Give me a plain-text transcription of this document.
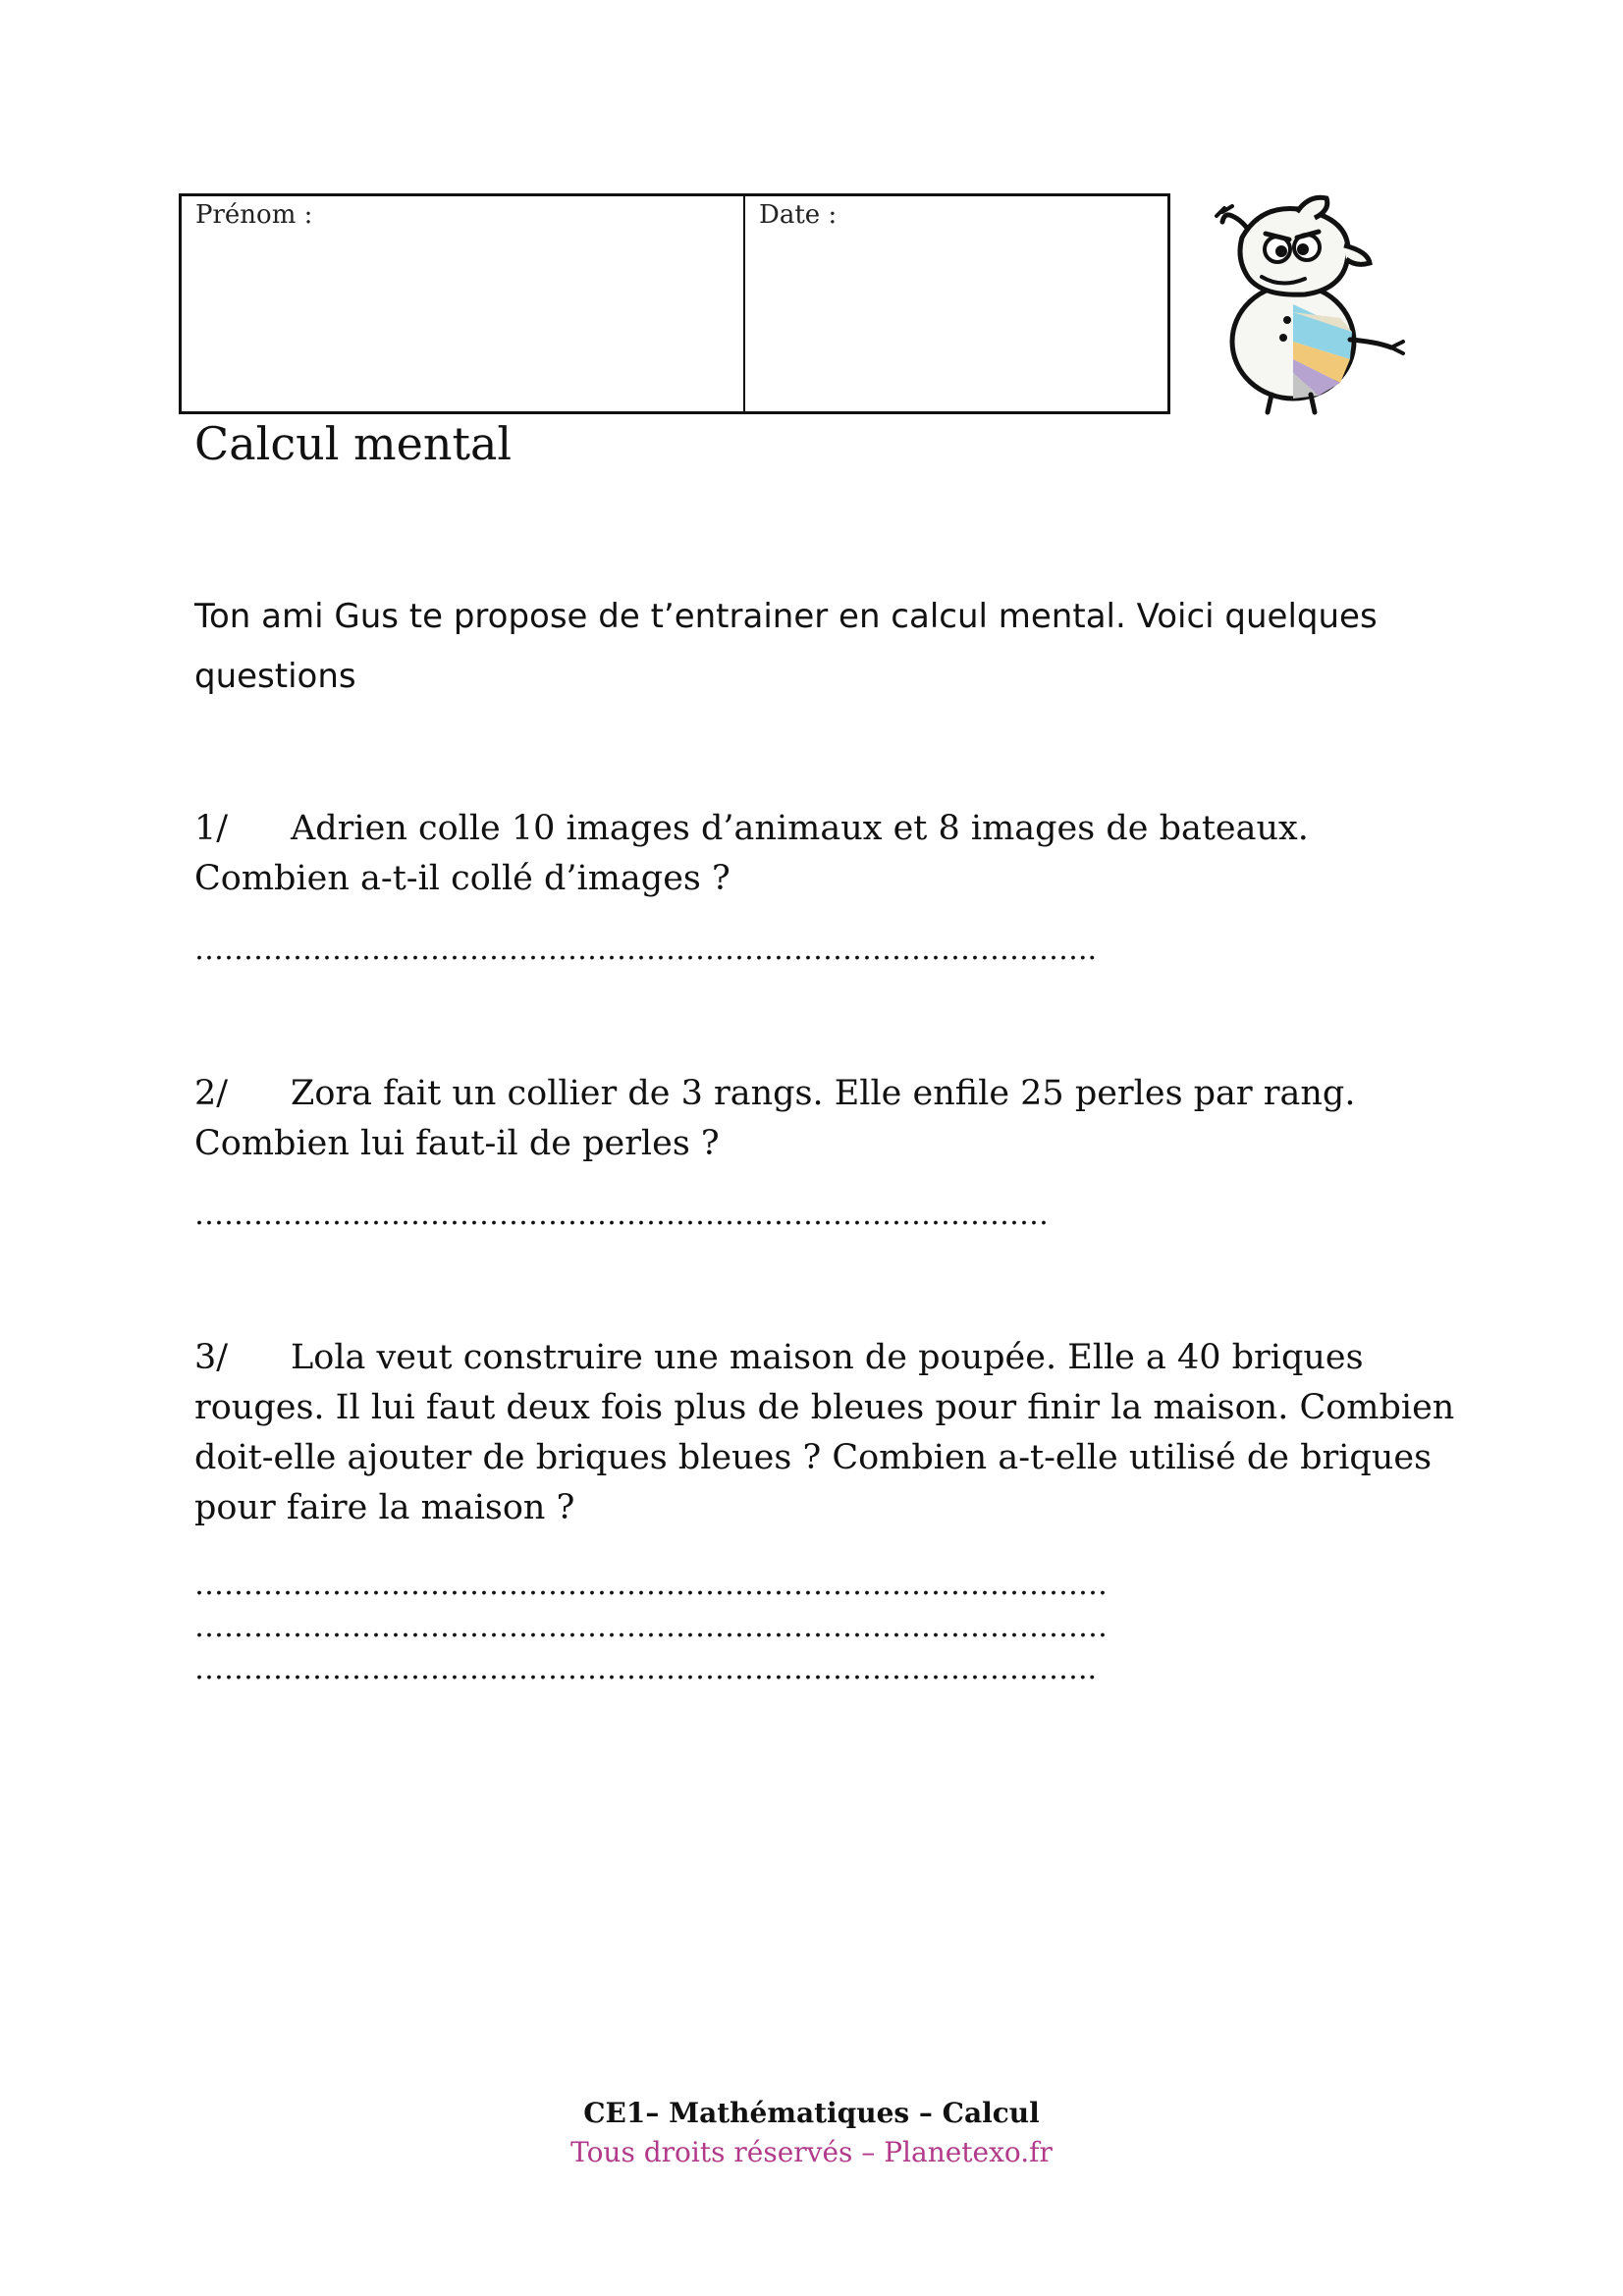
Prénom :	Date :
Calcul mental
Ton ami Gus te propose de t’entrainer en calcul mental. Voici quelques questions
1/ Adrien colle 10 images d’animaux et 8 images de bateaux. Combien a-t-il collé d’images ?
………………………………………………………………………………..
2/ Zora fait un collier de 3 rangs. Elle enfile 25 perles par rang. Combien lui faut-il de perles ?
……………………………………………………………………………
3/ Lola veut construire une maison de poupée. Elle a 40 briques rouges. Il lui faut deux fois plus de bleues pour finir la maison. Combien doit-elle ajouter de briques bleues ? Combien a-t-elle utilisé de briques pour faire la maison ?
…………………………………………………………………………………
…………………………………………………………………………………
………………………………………………………………………………..
CE1– Mathématiques – Calcul
Tous droits réservés – Planetexo.fr
